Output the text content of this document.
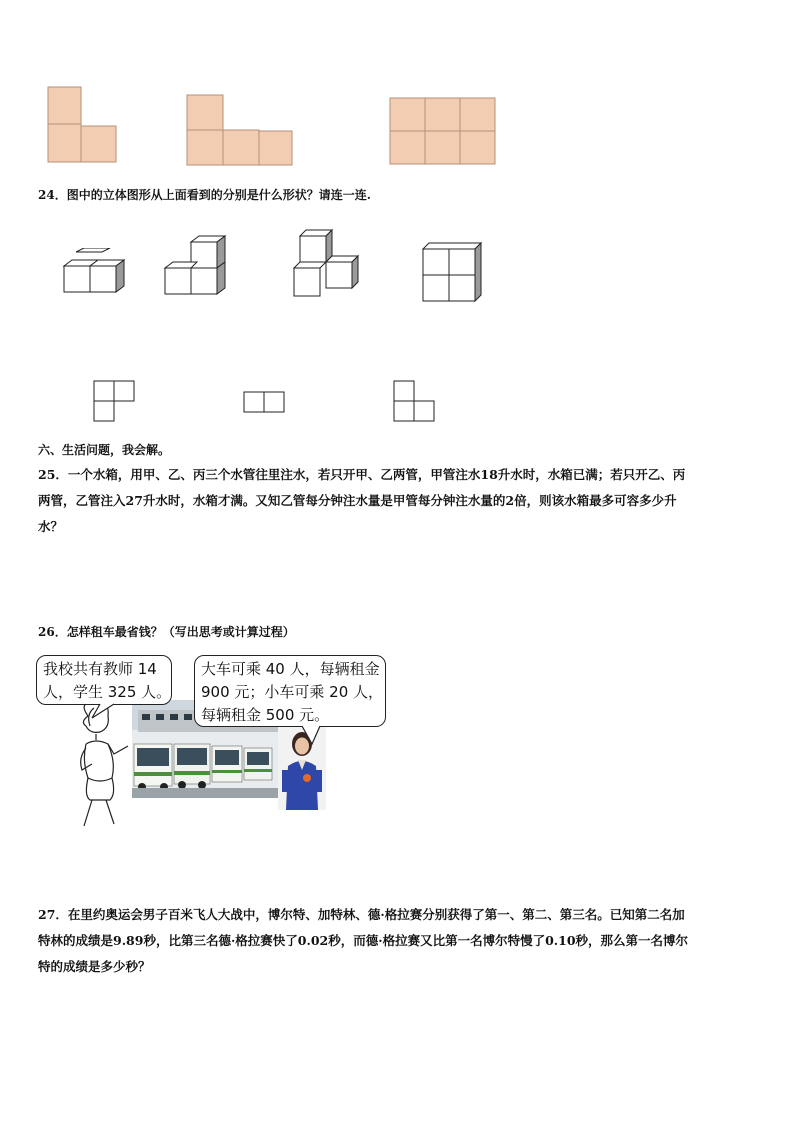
24．图中的立体图形从上面看到的分别是什么形状？请连一连.
六、生活问题，我会解。
25．一个水箱，用甲、乙、丙三个水管往里注水，若只开甲、乙两管，甲管注水18升水时，水箱已满；若只开乙、丙
两管，乙管注入27升水时，水箱才满。又知乙管每分钟注水量是甲管每分钟注水量的2倍，则该水箱最多可容多少升
水？
26．怎样租车最省钱？（写出思考或计算过程）
我校共有教师 14
人，学生 325 人。
大车可乘 40 人，每辆租金
900 元；小车可乘 20 人，
每辆租金 500 元。
27．在里约奥运会男子百米飞人大战中，博尔特、加特林、德·格拉赛分别获得了第一、第二、第三名。已知第二名加
特林的成绩是9.89秒，比第三名德·格拉赛快了0.02秒，而德·格拉赛又比第一名博尔特慢了0.10秒，那么第一名博尔
特的成绩是多少秒？
